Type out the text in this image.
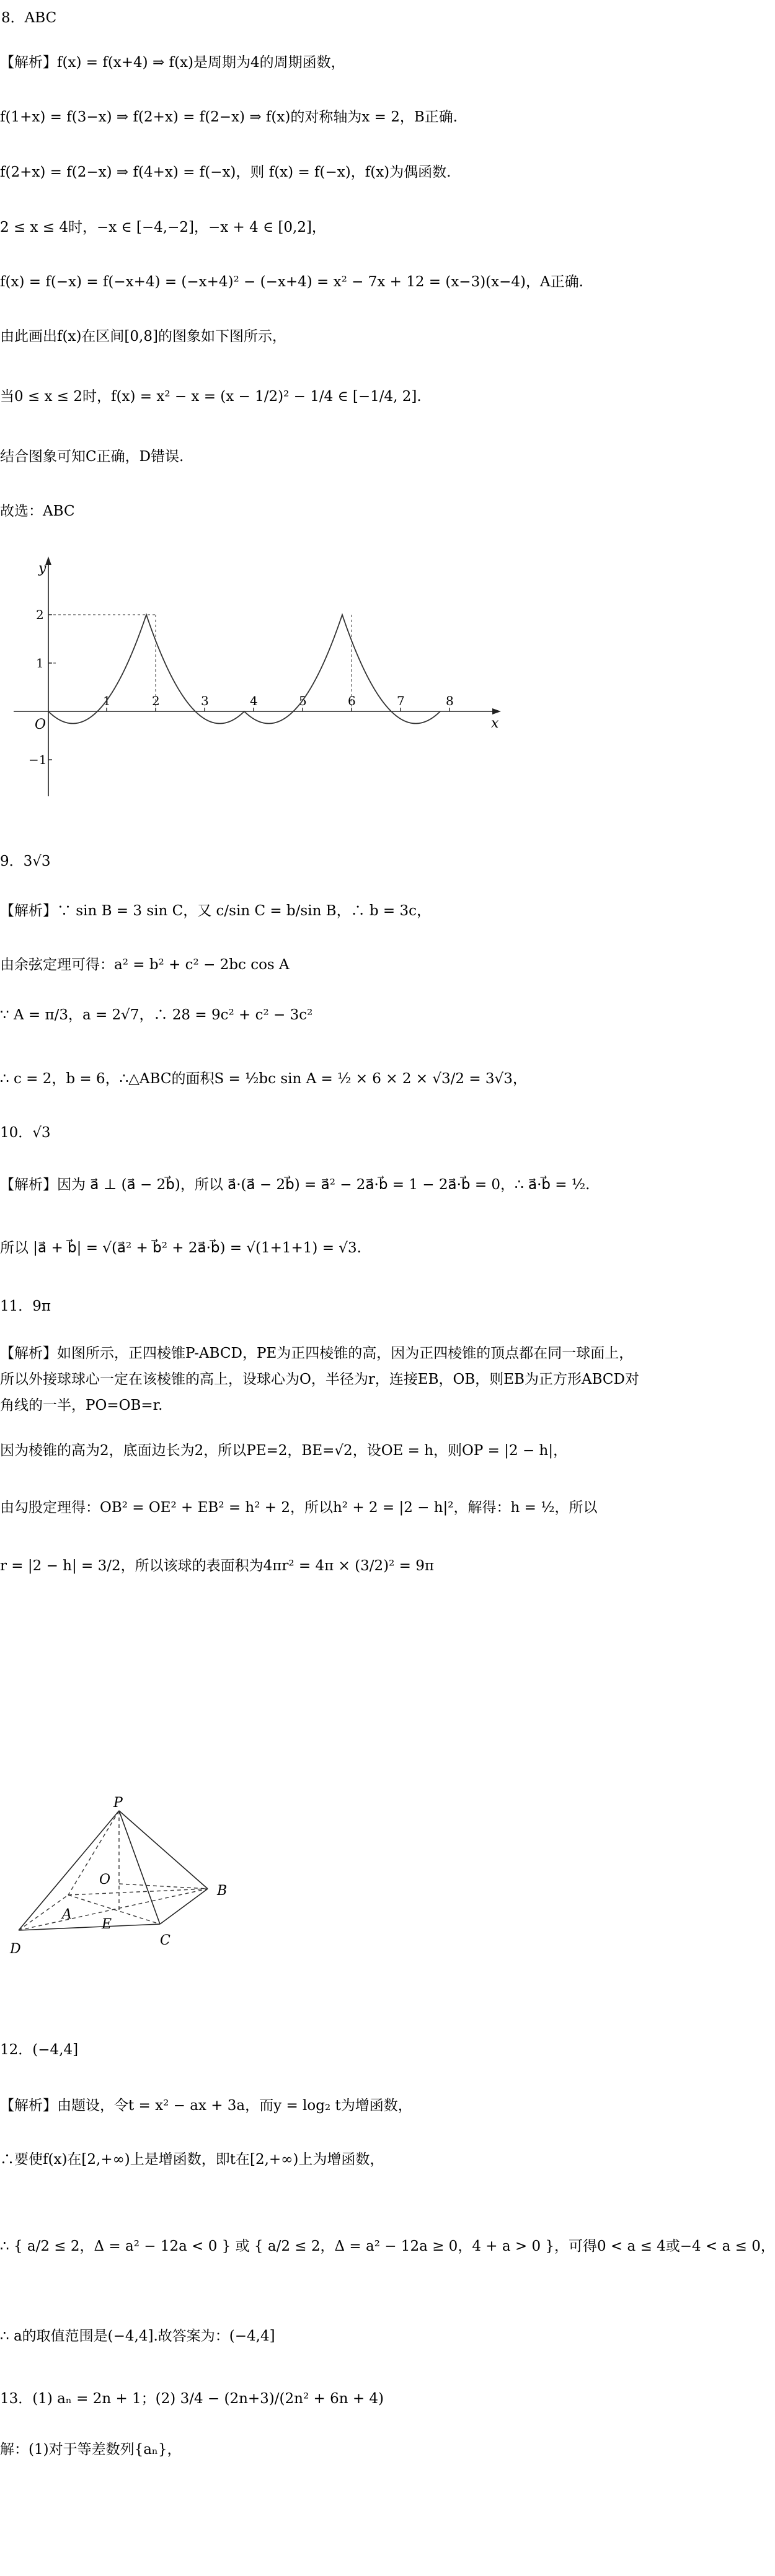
8．ABC
【解析】f(x) = f(x+4) ⇒ f(x)是周期为4的周期函数，
f(1+x) = f(3−x) ⇒ f(2+x) = f(2−x) ⇒ f(x)的对称轴为x = 2，B正确.
f(2+x) = f(2−x) ⇒ f(4+x) = f(−x)，则 f(x) = f(−x)，f(x)为偶函数.
2 ≤ x ≤ 4时，−x ∈ [−4,−2]，−x + 4 ∈ [0,2]，
f(x) = f(−x) = f(−x+4) = (−x+4)² − (−x+4) = x² − 7x + 12 = (x−3)(x−4)，A正确.
由此画出f(x)在区间[0,8]的图象如下图所示，
当0 ≤ x ≤ 2时，f(x) = x² − x = (x − 1/2)² − 1/4 ∈ [−1/4, 2].
结合图象可知C正确，D错误.
故选：ABC
y
x
O
1	2	3	4	5	6	7	8
2
1
−1
9．3√3
【解析】∵ sin B = 3 sin C，又 c/sin C = b/sin B，∴ b = 3c，
由余弦定理可得：a² = b² + c² − 2bc cos A
∵ A = π/3，a = 2√7，∴ 28 = 9c² + c² − 3c²
∴ c = 2，b = 6，∴△ABC的面积S = ½bc sin A = ½ × 6 × 2 × √3/2 = 3√3，
10．√3
【解析】因为 a⃗ ⊥ (a⃗ − 2b⃗)，所以 a⃗·(a⃗ − 2b⃗) = a⃗² − 2a⃗·b⃗ = 1 − 2a⃗·b⃗ = 0，∴ a⃗·b⃗ = ½.
所以 |a⃗ + b⃗| = √(a⃗² + b⃗² + 2a⃗·b⃗) = √(1+1+1) = √3.
11．9π
【解析】如图所示，正四棱锥P-ABCD，PE为正四棱锥的高，因为正四棱锥的顶点都在同一球面上，所以外接球球心一定在该棱锥的高上，设球心为O，半径为r，连接EB，OB，则EB为正方形ABCD对角线的一半，PO=OB=r.
因为棱锥的高为2，底面边长为2，所以PE=2，BE=√2，设OE = h，则OP = |2 − h|，
由勾股定理得：OB² = OE² + EB² = h² + 2，所以h² + 2 = |2 − h|²，解得：h = ½，所以
r = |2 − h| = 3/2，所以该球的表面积为4πr² = 4π × (3/2)² = 9π
P
O
A
E
B
C
D
12．(−4,4]
【解析】由题设，令t = x² − ax + 3a，而y = log₂ t为增函数，
∴要使f(x)在[2,+∞)上是增函数，即t在[2,+∞)上为增函数，
∴ { a/2 ≤ 2，Δ = a² − 12a < 0 } 或 { a/2 ≤ 2，Δ = a² − 12a ≥ 0，4 + a > 0 }，可得0 < a ≤ 4或−4 < a ≤ 0，
∴ a的取值范围是(−4,4].故答案为：(−4,4]
13．(1) aₙ = 2n + 1；(2) 3/4 − (2n+3)/(2n² + 6n + 4)
解：(1)对于等差数列{aₙ}，
